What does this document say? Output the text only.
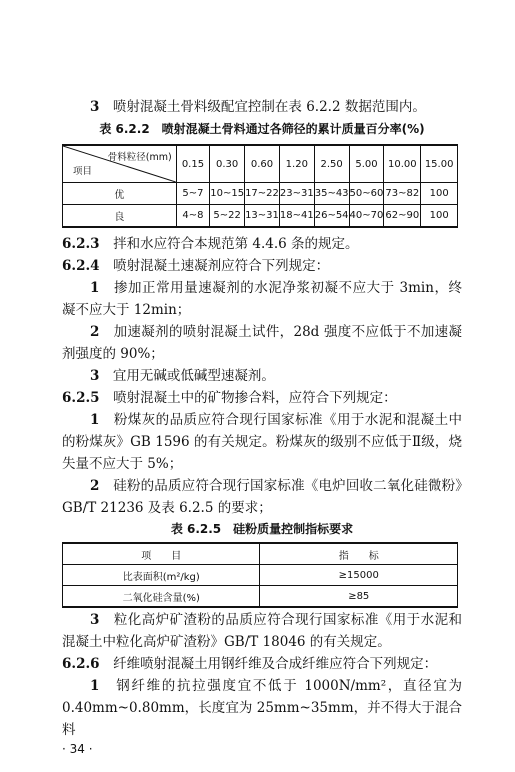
3　 喷射混凝土骨料级配宜控制在表 6.2.2 数据范围内。

表 6.2.2　喷射混凝土骨料通过各筛径的累计质量百分率(%)
骨料粒径(mm)
项目	0.15	0.30	0.60	1.20	2.50	5.00	10.00	15.00
优	5~7	10~15	17~22	23~31	35~43	50~60	73~82	100
良	4~8	5~22	13~31	18~41	26~54	40~70	62~90	100

6.2.3　 拌和水应符合本规范第 4.4.6 条的规定。

6.2.4　 喷射混凝土速凝剂应符合下列规定：

1　 掺加正常用量速凝剂的水泥净浆初凝不应大于 3min，终凝不应大于 12min；

2　 加速凝剂的喷射混凝土试件，28d 强度不应低于不加速凝剂强度的 90%；

3　 宜用无碱或低碱型速凝剂。

6.2.5　 喷射混凝土中的矿物掺合料，应符合下列规定：

1　 粉煤灰的品质应符合现行国家标准《用于水泥和混凝土中的粉煤灰》GB 1596 的有关规定。粉煤灰的级别不应低于Ⅱ级，烧失量不应大于 5%；

2　 硅粉的品质应符合现行国家标准《电炉回收二氧化硅微粉》GB/T 21236 及表 6.2.5 的要求；

表 6.2.5　硅粉质量控制指标要求
项　　目	指　　标
比表面积(m²/kg)	≥15000
二氧化硅含量(%)	≥85

3　 粒化高炉矿渣粉的品质应符合现行国家标准《用于水泥和混凝土中粒化高炉矿渣粉》GB/T 18046 的有关规定。

6.2.6　 纤维喷射混凝土用钢纤维及合成纤维应符合下列规定：

1　 钢纤维的抗拉强度宜不低于 1000N/mm²，直径宜为 0.40mm~0.80mm，长度宜为 25mm~35mm，并不得大于混合料

· 34 ·
